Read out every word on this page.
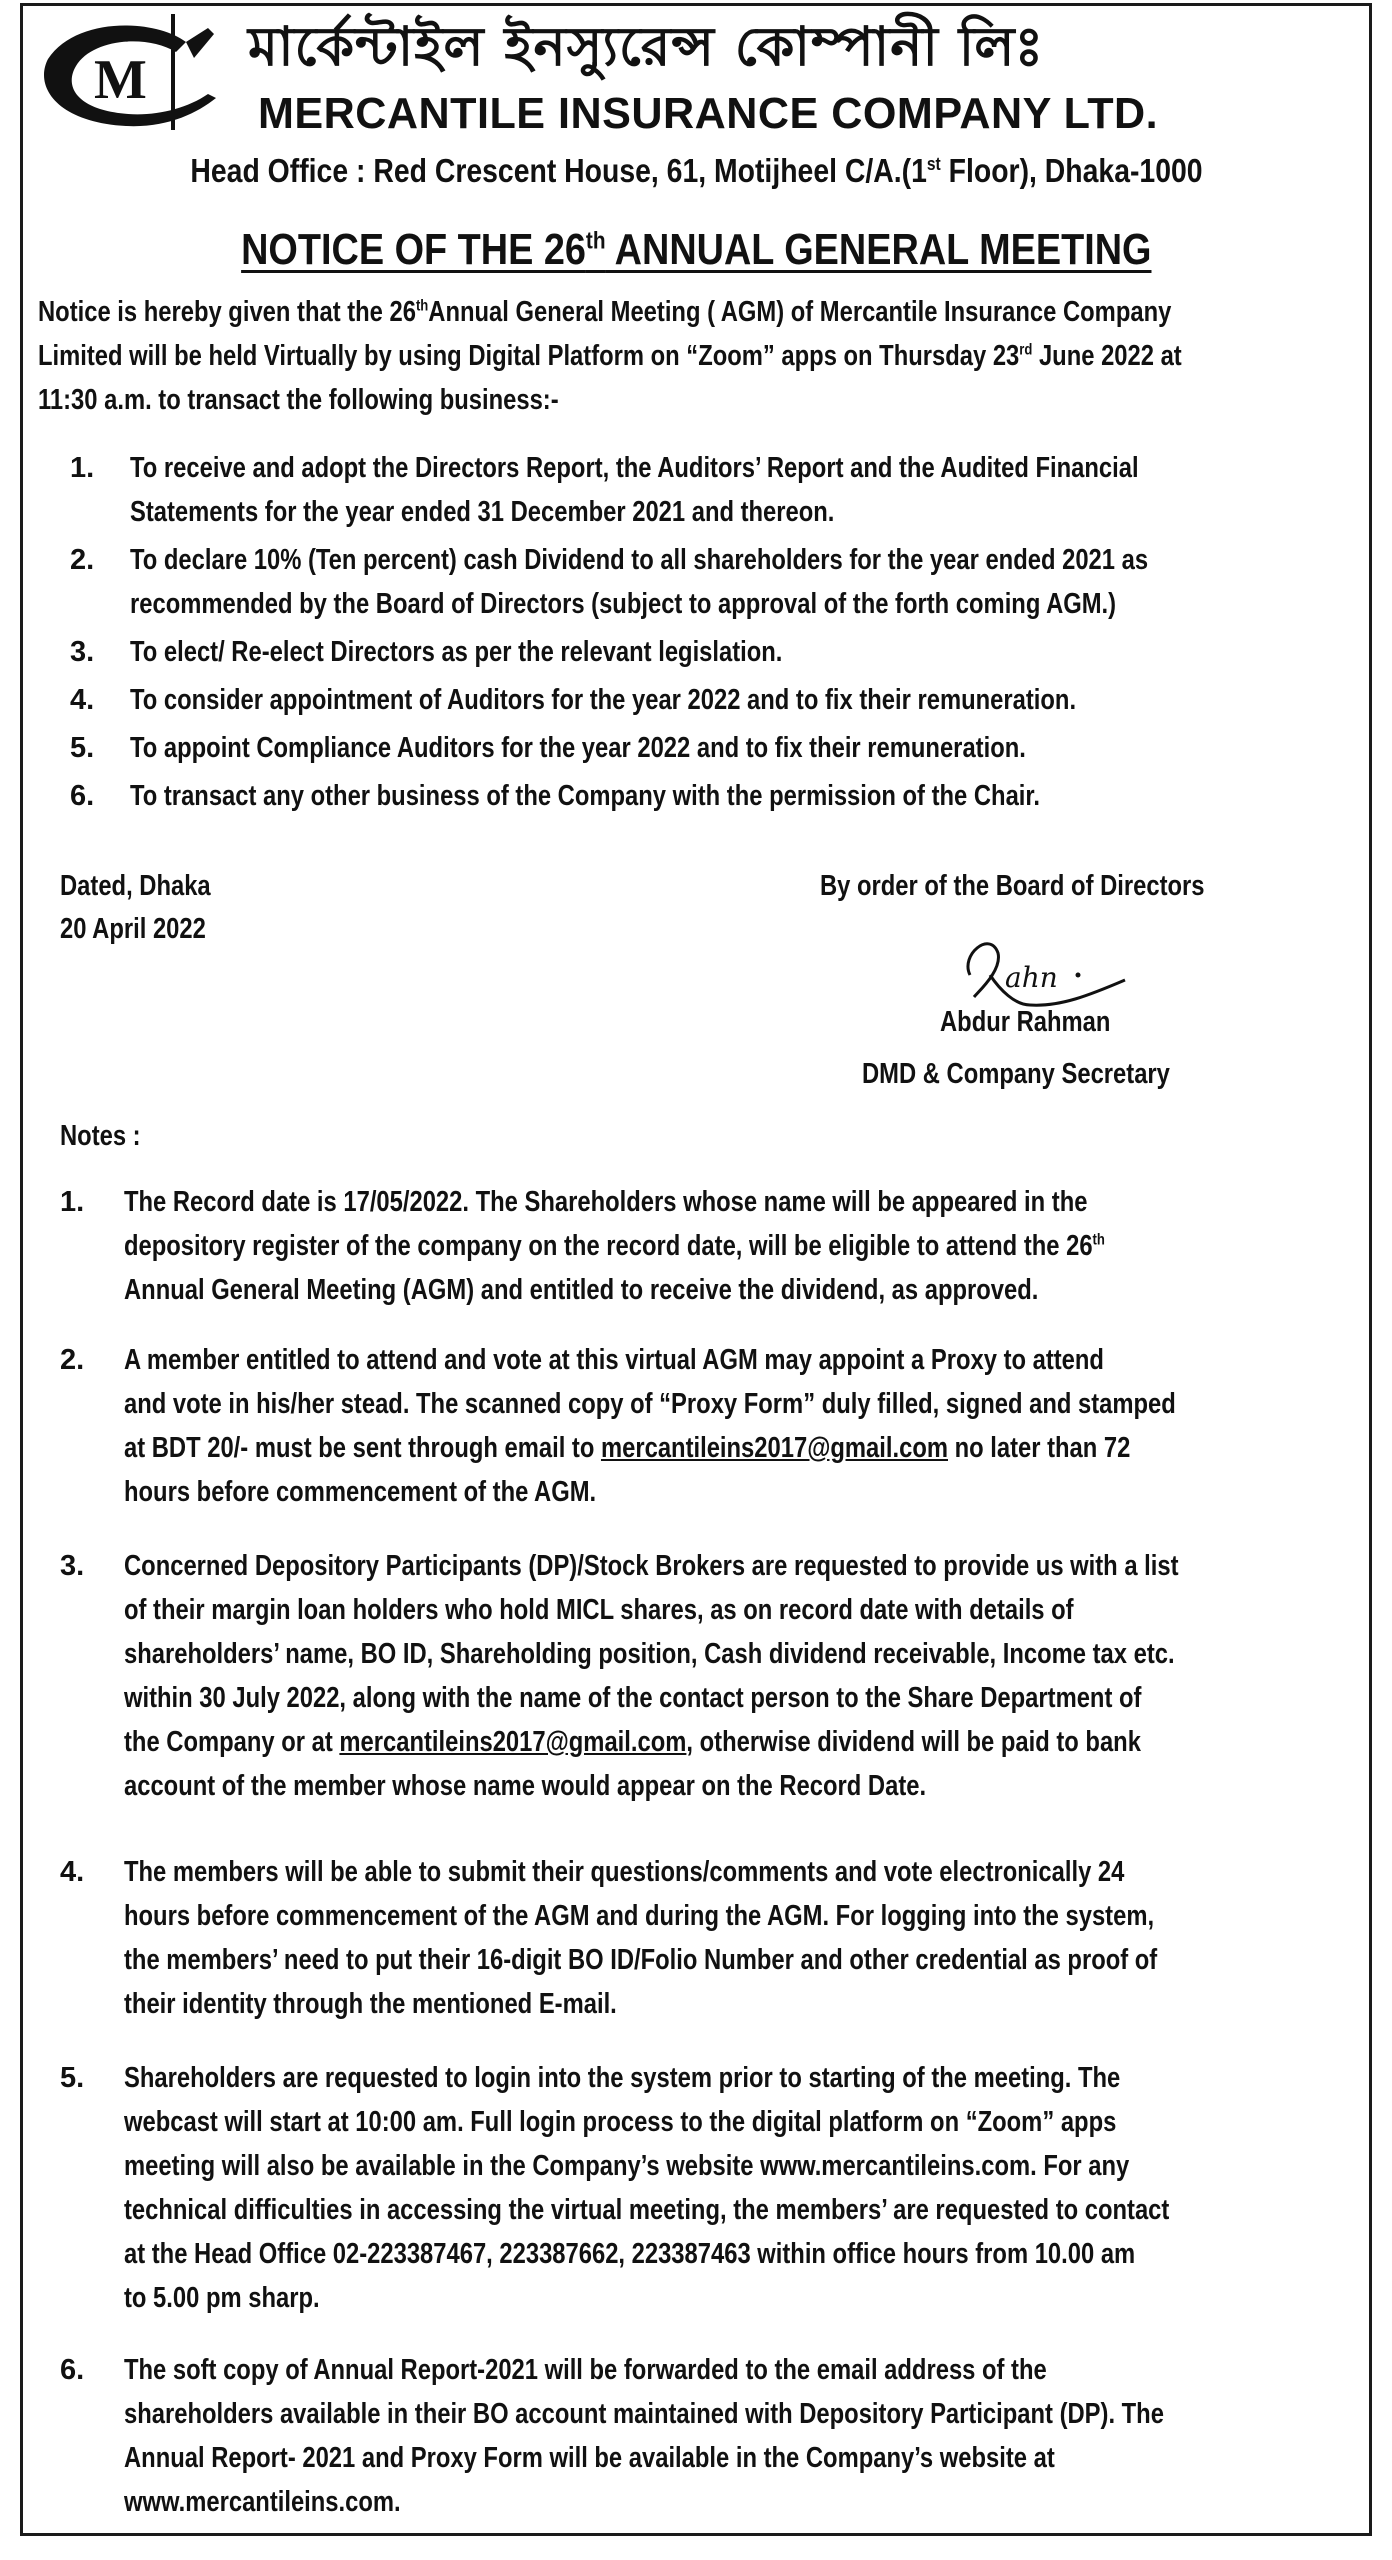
M
মার্কেন্টাইল ইনস্যুরেন্স কোম্পানী লিঃ
MERCANTILE INSURANCE COMPANY LTD.
Head Office : Red Crescent House, 61, Motijheel C/A.(1st Floor), Dhaka-1000
NOTICE OF THE 26th ANNUAL GENERAL MEETING
Notice is hereby given that the 26thAnnual General Meeting ( AGM) of Mercantile Insurance Company
Limited will be held Virtually by using Digital Platform on “Zoom” apps on Thursday 23rd June 2022 at
11:30 a.m. to transact the following business:-
1. To receive and adopt the Directors Report, the Auditors’ Report and the Audited Financial
Statements for the year ended 31 December 2021 and thereon.
2. To declare 10% (Ten percent) cash Dividend to all shareholders for the year ended 2021 as
recommended by the Board of Directors (subject to approval of the forth coming AGM.)
3. To elect/ Re-elect Directors as per the relevant legislation.
4. To consider appointment of Auditors for the year 2022 and to fix their remuneration.
5. To appoint Compliance Auditors for the year 2022 and to fix their remuneration.
6. To transact any other business of the Company with the permission of the Chair.
Dated, Dhaka
20 April 2022
By order of the Board of Directors
ahn
Abdur Rahman
DMD & Company Secretary
Notes :
1. The Record date is 17/05/2022. The Shareholders whose name will be appeared in the
depository register of the company on the record date, will be eligible to attend the 26th
Annual General Meeting (AGM) and entitled to receive the dividend, as approved.
2. A member entitled to attend and vote at this virtual AGM may appoint a Proxy to attend
and vote in his/her stead. The scanned copy of “Proxy Form” duly filled, signed and stamped
at BDT 20/- must be sent through email to mercantileins2017@gmail.com no later than 72
hours before commencement of the AGM.
3. Concerned Depository Participants (DP)/Stock Brokers are requested to provide us with a list
of their margin loan holders who hold MICL shares, as on record date with details of
shareholders’ name, BO ID, Shareholding position, Cash dividend receivable, Income tax etc.
within 30 July 2022, along with the name of the contact person to the Share Department of
the Company or at mercantileins2017@gmail.com, otherwise dividend will be paid to bank
account of the member whose name would appear on the Record Date.
4. The members will be able to submit their questions/comments and vote electronically 24
hours before commencement of the AGM and during the AGM. For logging into the system,
the members’ need to put their 16-digit BO ID/Folio Number and other credential as proof of
their identity through the mentioned E-mail.
5. Shareholders are requested to login into the system prior to starting of the meeting. The
webcast will start at 10:00 am. Full login process to the digital platform on “Zoom” apps
meeting will also be available in the Company’s website www.mercantileins.com. For any
technical difficulties in accessing the virtual meeting, the members’ are requested to contact
at the Head Office 02-223387467, 223387662, 223387463 within office hours from 10.00 am
to 5.00 pm sharp.
6. The soft copy of Annual Report-2021 will be forwarded to the email address of the
shareholders available in their BO account maintained with Depository Participant (DP). The
Annual Report- 2021 and Proxy Form will be available in the Company’s website at
www.mercantileins.com.
